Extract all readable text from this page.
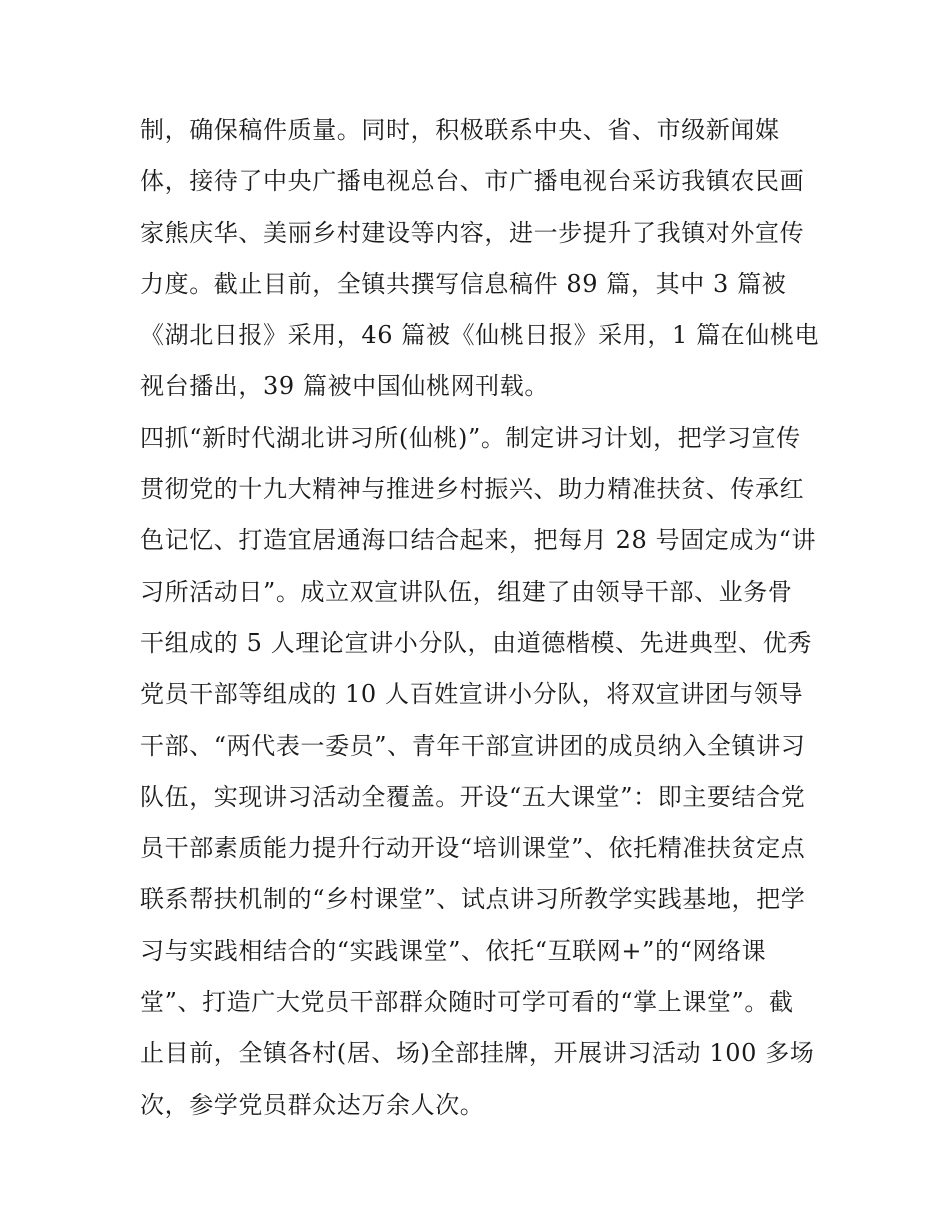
制，确保稿件质量。同时，积极联系中央、省、市级新闻媒
体，接待了中央广播电视总台、市广播电视台采访我镇农民画
家熊庆华、美丽乡村建设等内容，进一步提升了我镇对外宣传
力度。截止目前，全镇共撰写信息稿件 89 篇，其中 3 篇被
《湖北日报》采用，46 篇被《仙桃日报》采用，1 篇在仙桃电
视台播出，39 篇被中国仙桃网刊载。
四抓“新时代湖北讲习所(仙桃)”。制定讲习计划，把学习宣传
贯彻党的十九大精神与推进乡村振兴、助力精准扶贫、传承红
色记忆、打造宜居通海口结合起来，把每月 28 号固定成为“讲
习所活动日”。成立双宣讲队伍，组建了由领导干部、业务骨
干组成的 5 人理论宣讲小分队，由道德楷模、先进典型、优秀
党员干部等组成的 10 人百姓宣讲小分队，将双宣讲团与领导
干部、“两代表一委员”、青年干部宣讲团的成员纳入全镇讲习
队伍，实现讲习活动全覆盖。开设“五大课堂”：即主要结合党
员干部素质能力提升行动开设“培训课堂”、依托精准扶贫定点
联系帮扶机制的“乡村课堂”、试点讲习所教学实践基地，把学
习与实践相结合的“实践课堂”、依托“互联网+”的“网络课
堂”、打造广大党员干部群众随时可学可看的“掌上课堂”。截
止目前，全镇各村(居、场)全部挂牌，开展讲习活动 100 多场
次，参学党员群众达万余人次。
